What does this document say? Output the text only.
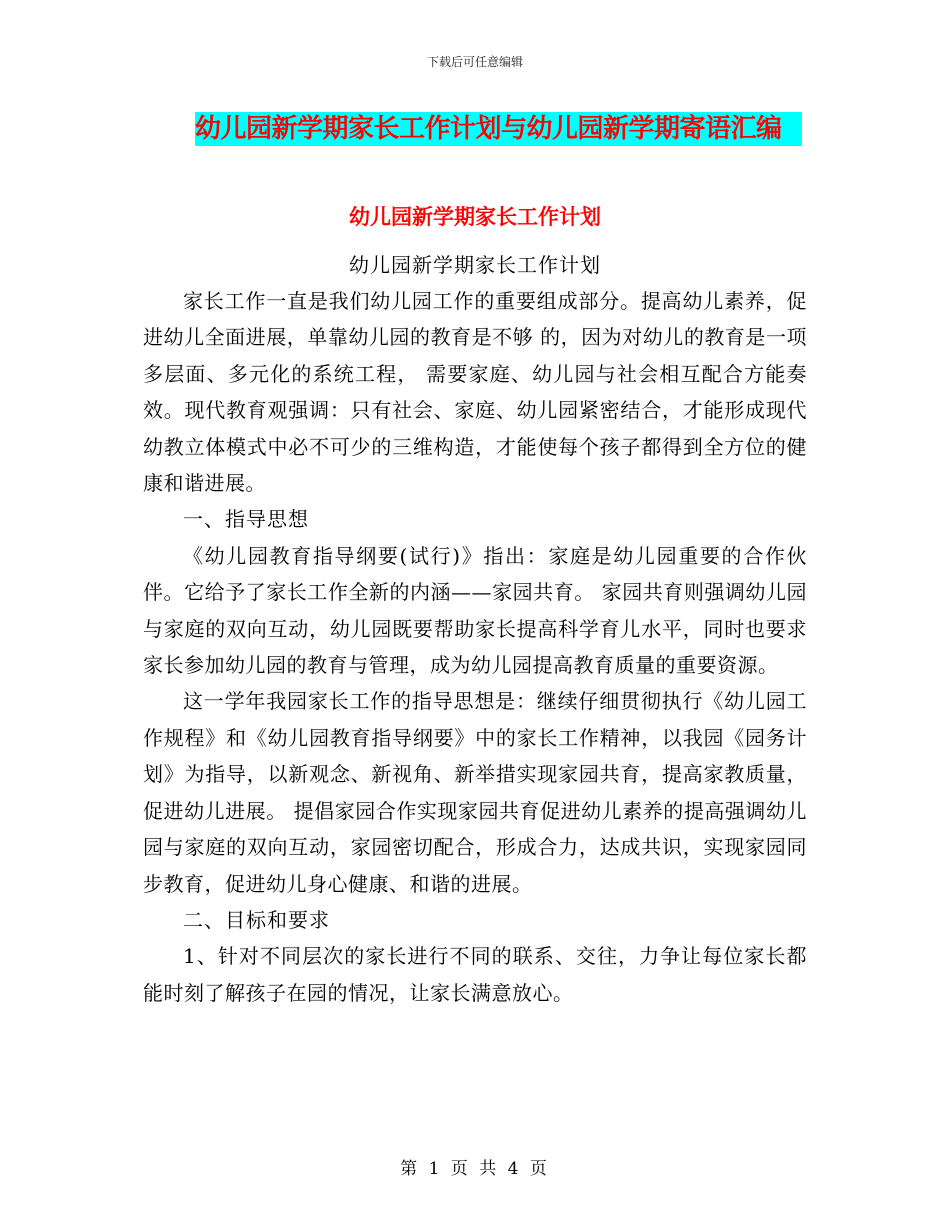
下载后可任意编辑
幼儿园新学期家长工作计划与幼儿园新学期寄语汇编
幼儿园新学期家长工作计划
幼儿园新学期家长工作计划

家长工作一直是我们幼儿园工作的重要组成部分。提高幼儿素养，促进幼儿全面进展，单靠幼儿园的教育是不够 的，因为对幼儿的教育是一项多层面、多元化的系统工程， 需要家庭、幼儿园与社会相互配合方能奏效。现代教育观强调：只有社会、家庭、幼儿园紧密结合，才能形成现代幼教立体模式中必不可少的三维构造，才能使每个孩子都得到全方位的健康和谐进展。

一、指导思想

《幼儿园教育指导纲要(试行)》指出：家庭是幼儿园重要的合作伙伴。它给予了家长工作全新的内涵——家园共育。 家园共育则强调幼儿园与家庭的双向互动，幼儿园既要帮助家长提高科学育儿水平，同时也要求家长参加幼儿园的教育与管理，成为幼儿园提高教育质量的重要资源。

这一学年我园家长工作的指导思想是：继续仔细贯彻执行《幼儿园工作规程》和《幼儿园教育指导纲要》中的家长工作精神，以我园《园务计划》为指导，以新观念、新视角、新举措实现家园共育，提高家教质量，促进幼儿进展。 提倡家园合作实现家园共育促进幼儿素养的提高强调幼儿园与家庭的双向互动，家园密切配合，形成合力，达成共识，实现家园同步教育，促进幼儿身心健康、和谐的进展。

二、目标和要求

1、针对不同层次的家长进行不同的联系、交往，力争让每位家长都能时刻了解孩子在园的情况，让家长满意放心。

第 1 页 共 4 页
